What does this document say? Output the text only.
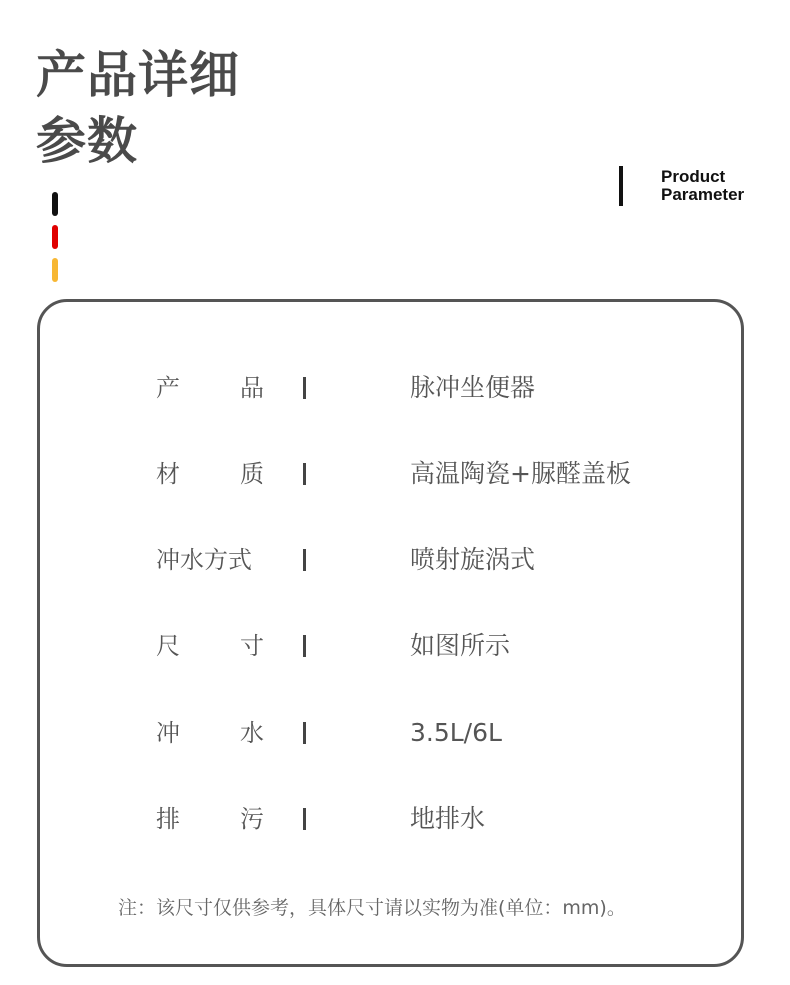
产品详细
参数
Product
Parameter
产	品	脉冲坐便器
材	质	高温陶瓷+脲醛盖板
冲水方式	喷射旋涡式
尺	寸	如图所示
冲	水	3.5L/6L
排	污	地排水
注：该尺寸仅供参考，具体尺寸请以实物为准(单位：mm)。
